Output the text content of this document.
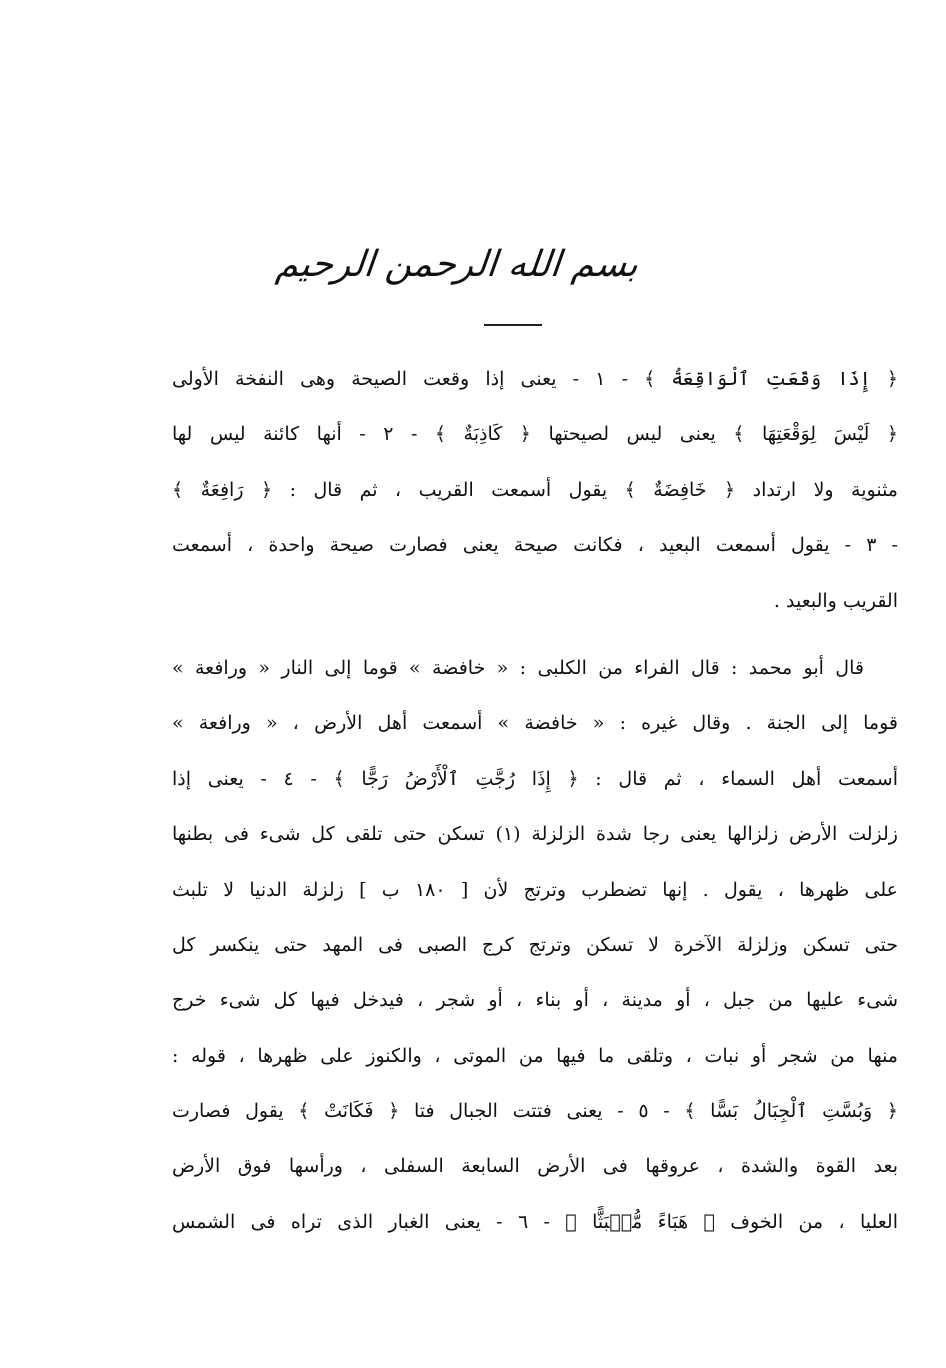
بسم الله الرحمن الرحيم
﴿ إِذَا وَقَعَتِ ٱلْوَاقِعَةُ ﴾ - ١ - يعنى إذا وقعت الصيحة وهى النفخة الأولى
﴿ لَيْسَ لِوَقْعَتِهَا ﴾ يعنى ليس لصيحتها ﴿ كَاذِبَةٌ ﴾ - ٢ - أنها كائنة ليس لها
مثنوية ولا ارتداد ﴿ خَافِضَةٌ ﴾ يقول أسمعت القريب ، ثم قال : ﴿ رَافِعَةٌ ﴾
- ٣ - يقول أسمعت البعيد ، فكانت صيحة يعنى فصارت صيحة واحدة ، أسمعت
القريب والبعيد .
قال أبو محمد : قال الفراء من الكلبى : « خافضة » قوما إلى النار « ورافعة »
قوما إلى الجنة . وقال غيره : « خافضة » أسمعت أهل الأرض ، « ورافعة »
أسمعت أهل السماء ، ثم قال : ﴿ إِذَا رُجَّتِ ٱلْأَرْضُ رَجًّا ﴾ - ٤ - يعنى إذا
زلزلت الأرض زلزالها يعنى رجا شدة الزلزلة (١) تسكن حتى تلقى كل شىء فى بطنها
على ظهرها ، يقول . إنها تضطرب وترتج لأن [ ١٨٠ ب ] زلزلة الدنيا لا تلبث
حتى تسكن وزلزلة الآخرة لا تسكن وترتج كرج الصبى فى المهد حتى ينكسر كل
شىء عليها من جبل ، أو مدينة ، أو بناء ، أو شجر ، فيدخل فيها كل شىء خرج
منها من شجر أو نبات ، وتلقى ما فيها من الموتى ، والكنوز على ظهرها ، قوله :
﴿ وَبُسَّتِ ٱلْجِبَالُ بَسًّا ﴾ - ٥ - يعنى فتتت الجبال فتا ﴿ فَكَانَتْ ﴾ يقول فصارت
بعد القوة والشدة ، عروقها فى الأرض السابعة السفلى ، ورأسها فوق الأرض
العليا ، من الخوف ﴿ هَبَاءً مُّنۢبَثًّا ﴾ - ٦ - يعنى الغبار الذى تراه فى الشمس
